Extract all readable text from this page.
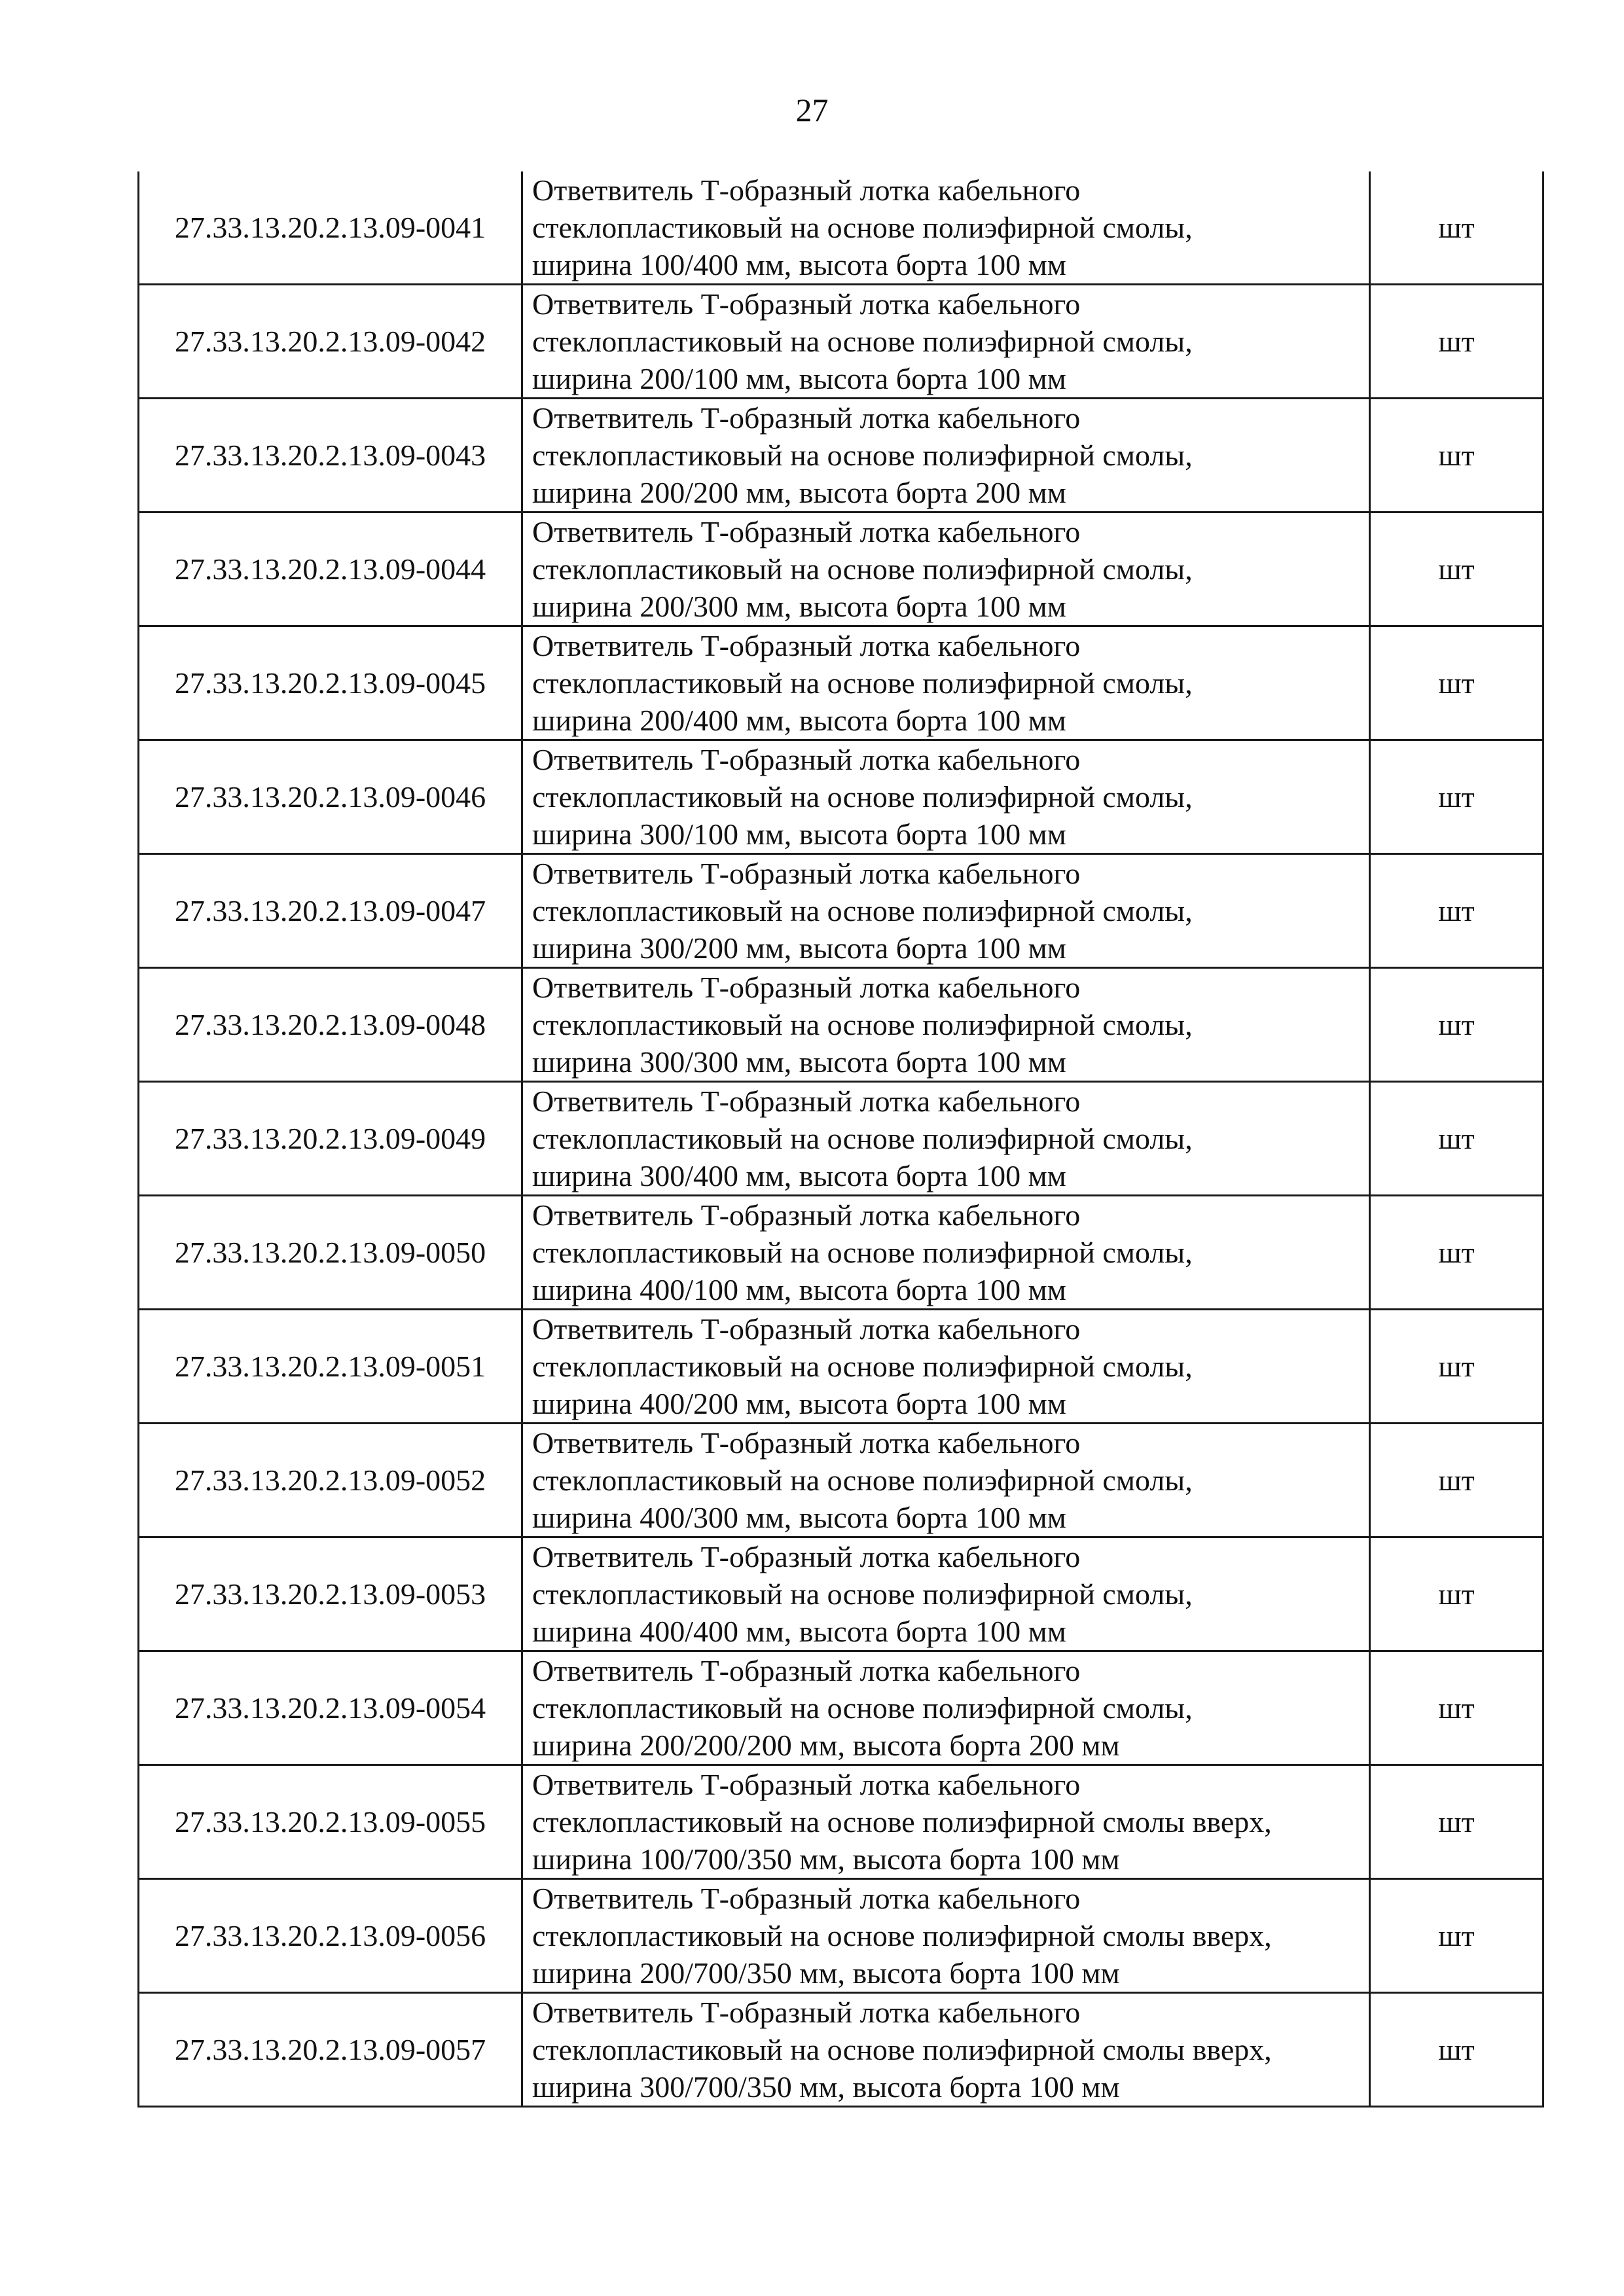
27
27.33.13.20.2.13.09-0041	Ответвитель Т-образный лотка кабельного
стеклопластиковый на основе полиэфирной смолы,
ширина 100/400 мм, высота борта 100 мм	шт
27.33.13.20.2.13.09-0042	Ответвитель Т-образный лотка кабельного
стеклопластиковый на основе полиэфирной смолы,
ширина 200/100 мм, высота борта 100 мм	шт
27.33.13.20.2.13.09-0043	Ответвитель Т-образный лотка кабельного
стеклопластиковый на основе полиэфирной смолы,
ширина 200/200 мм, высота борта 200 мм	шт
27.33.13.20.2.13.09-0044	Ответвитель Т-образный лотка кабельного
стеклопластиковый на основе полиэфирной смолы,
ширина 200/300 мм, высота борта 100 мм	шт
27.33.13.20.2.13.09-0045	Ответвитель Т-образный лотка кабельного
стеклопластиковый на основе полиэфирной смолы,
ширина 200/400 мм, высота борта 100 мм	шт
27.33.13.20.2.13.09-0046	Ответвитель Т-образный лотка кабельного
стеклопластиковый на основе полиэфирной смолы,
ширина 300/100 мм, высота борта 100 мм	шт
27.33.13.20.2.13.09-0047	Ответвитель Т-образный лотка кабельного
стеклопластиковый на основе полиэфирной смолы,
ширина 300/200 мм, высота борта 100 мм	шт
27.33.13.20.2.13.09-0048	Ответвитель Т-образный лотка кабельного
стеклопластиковый на основе полиэфирной смолы,
ширина 300/300 мм, высота борта 100 мм	шт
27.33.13.20.2.13.09-0049	Ответвитель Т-образный лотка кабельного
стеклопластиковый на основе полиэфирной смолы,
ширина 300/400 мм, высота борта 100 мм	шт
27.33.13.20.2.13.09-0050	Ответвитель Т-образный лотка кабельного
стеклопластиковый на основе полиэфирной смолы,
ширина 400/100 мм, высота борта 100 мм	шт
27.33.13.20.2.13.09-0051	Ответвитель Т-образный лотка кабельного
стеклопластиковый на основе полиэфирной смолы,
ширина 400/200 мм, высота борта 100 мм	шт
27.33.13.20.2.13.09-0052	Ответвитель Т-образный лотка кабельного
стеклопластиковый на основе полиэфирной смолы,
ширина 400/300 мм, высота борта 100 мм	шт
27.33.13.20.2.13.09-0053	Ответвитель Т-образный лотка кабельного
стеклопластиковый на основе полиэфирной смолы,
ширина 400/400 мм, высота борта 100 мм	шт
27.33.13.20.2.13.09-0054	Ответвитель Т-образный лотка кабельного
стеклопластиковый на основе полиэфирной смолы,
ширина 200/200/200 мм, высота борта 200 мм	шт
27.33.13.20.2.13.09-0055	Ответвитель Т-образный лотка кабельного
стеклопластиковый на основе полиэфирной смолы вверх,
ширина 100/700/350 мм, высота борта 100 мм	шт
27.33.13.20.2.13.09-0056	Ответвитель Т-образный лотка кабельного
стеклопластиковый на основе полиэфирной смолы вверх,
ширина 200/700/350 мм, высота борта 100 мм	шт
27.33.13.20.2.13.09-0057	Ответвитель Т-образный лотка кабельного
стеклопластиковый на основе полиэфирной смолы вверх,
ширина 300/700/350 мм, высота борта 100 мм	шт
